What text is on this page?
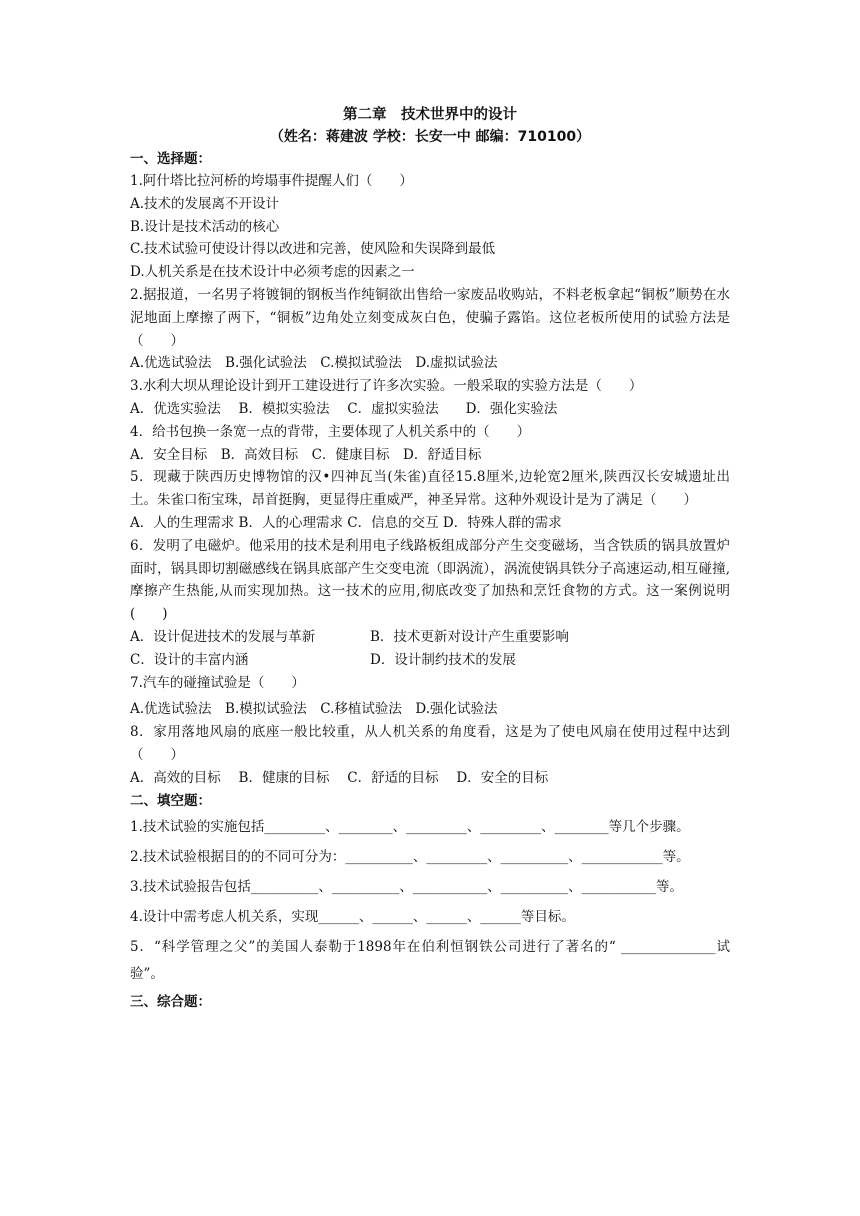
第二章　技术世界中的设计

（姓名：蒋建波 学校：长安一中 邮编：710100）

一、选择题：

1.阿什塔比拉河桥的垮塌事件提醒人们（　　）

A.技术的发展离不开设计

B.设计是技术活动的核心

C.技术试验可使设计得以改进和完善，使风险和失误降到最低

D.人机关系是在技术设计中必须考虑的因素之一

2.据报道，一名男子将镀铜的钢板当作纯铜欲出售给一家废品收购站，不料老板拿起“铜板”顺势在水泥地面上摩擦了两下，“铜板”边角处立刻变成灰白色，使骗子露馅。这位老板所使用的试验方法是（　　）

A.优选试验法　B.强化试验法　C.模拟试验法　D.虚拟试验法

3.水利大坝从理论设计到开工建设进行了许多次实验。一般采取的实验方法是（　　）

A．优选实验法　 B．模拟实验法　 C．虚拟实验法　　D．强化实验法

4．给书包换一条宽一点的背带，主要体现了人机关系中的（　　）

A．安全目标　B．高效目标　C．健康目标　D．舒适目标

5．现藏于陕西历史博物馆的汉•四神瓦当(朱雀)直径15.8厘米,边轮宽2厘米,陕西汉长安城遗址出土。朱雀口衔宝珠，昂首挺胸，更显得庄重威严，神圣异常。这种外观设计是为了满足（　　）

A．人的生理需求 B．人的心理需求 C．信息的交互 D．特殊人群的需求

6．发明了电磁炉。他采用的技术是利用电子线路板组成部分产生交变磁场，当含铁质的锅具放置炉面时，锅具即切割磁感线在锅具底部产生交变电流（即涡流），涡流使锅具铁分子高速运动,相互碰撞,摩擦产生热能,从而实现加热。这一技术的应用,彻底改变了加热和烹饪食物的方式。这一案例说明(　　)

A．设计促进技术的发展与革新	B．技术更新对设计产生重要影响
C．设计的丰富内涵	D．设计制约技术的发展

7.汽车的碰撞试验是（　　）

A.优选试验法　B.模拟试验法　C.移植试验法　D.强化试验法

8．家用落地风扇的底座一般比较重，从人机关系的角度看，这是为了使电风扇在使用过程中达到（　　）

A．高效的目标　 B．健康的目标　 C．舒适的目标　 D．安全的目标

二、填空题：

1.技术试验的实施包括_________、________、_________、_________、________等几个步骤。

2.技术试验根据目的的不同可分为：__________、_________、__________、____________等。

3.技术试验报告包括__________、__________、___________、__________、___________等。

4.设计中需考虑人机关系，实现______、______、______、______等目标。

5．“科学管理之父”的美国人泰勒于1898年在伯利恒钢铁公司进行了著名的“ ______________试验”。

三、综合题：
